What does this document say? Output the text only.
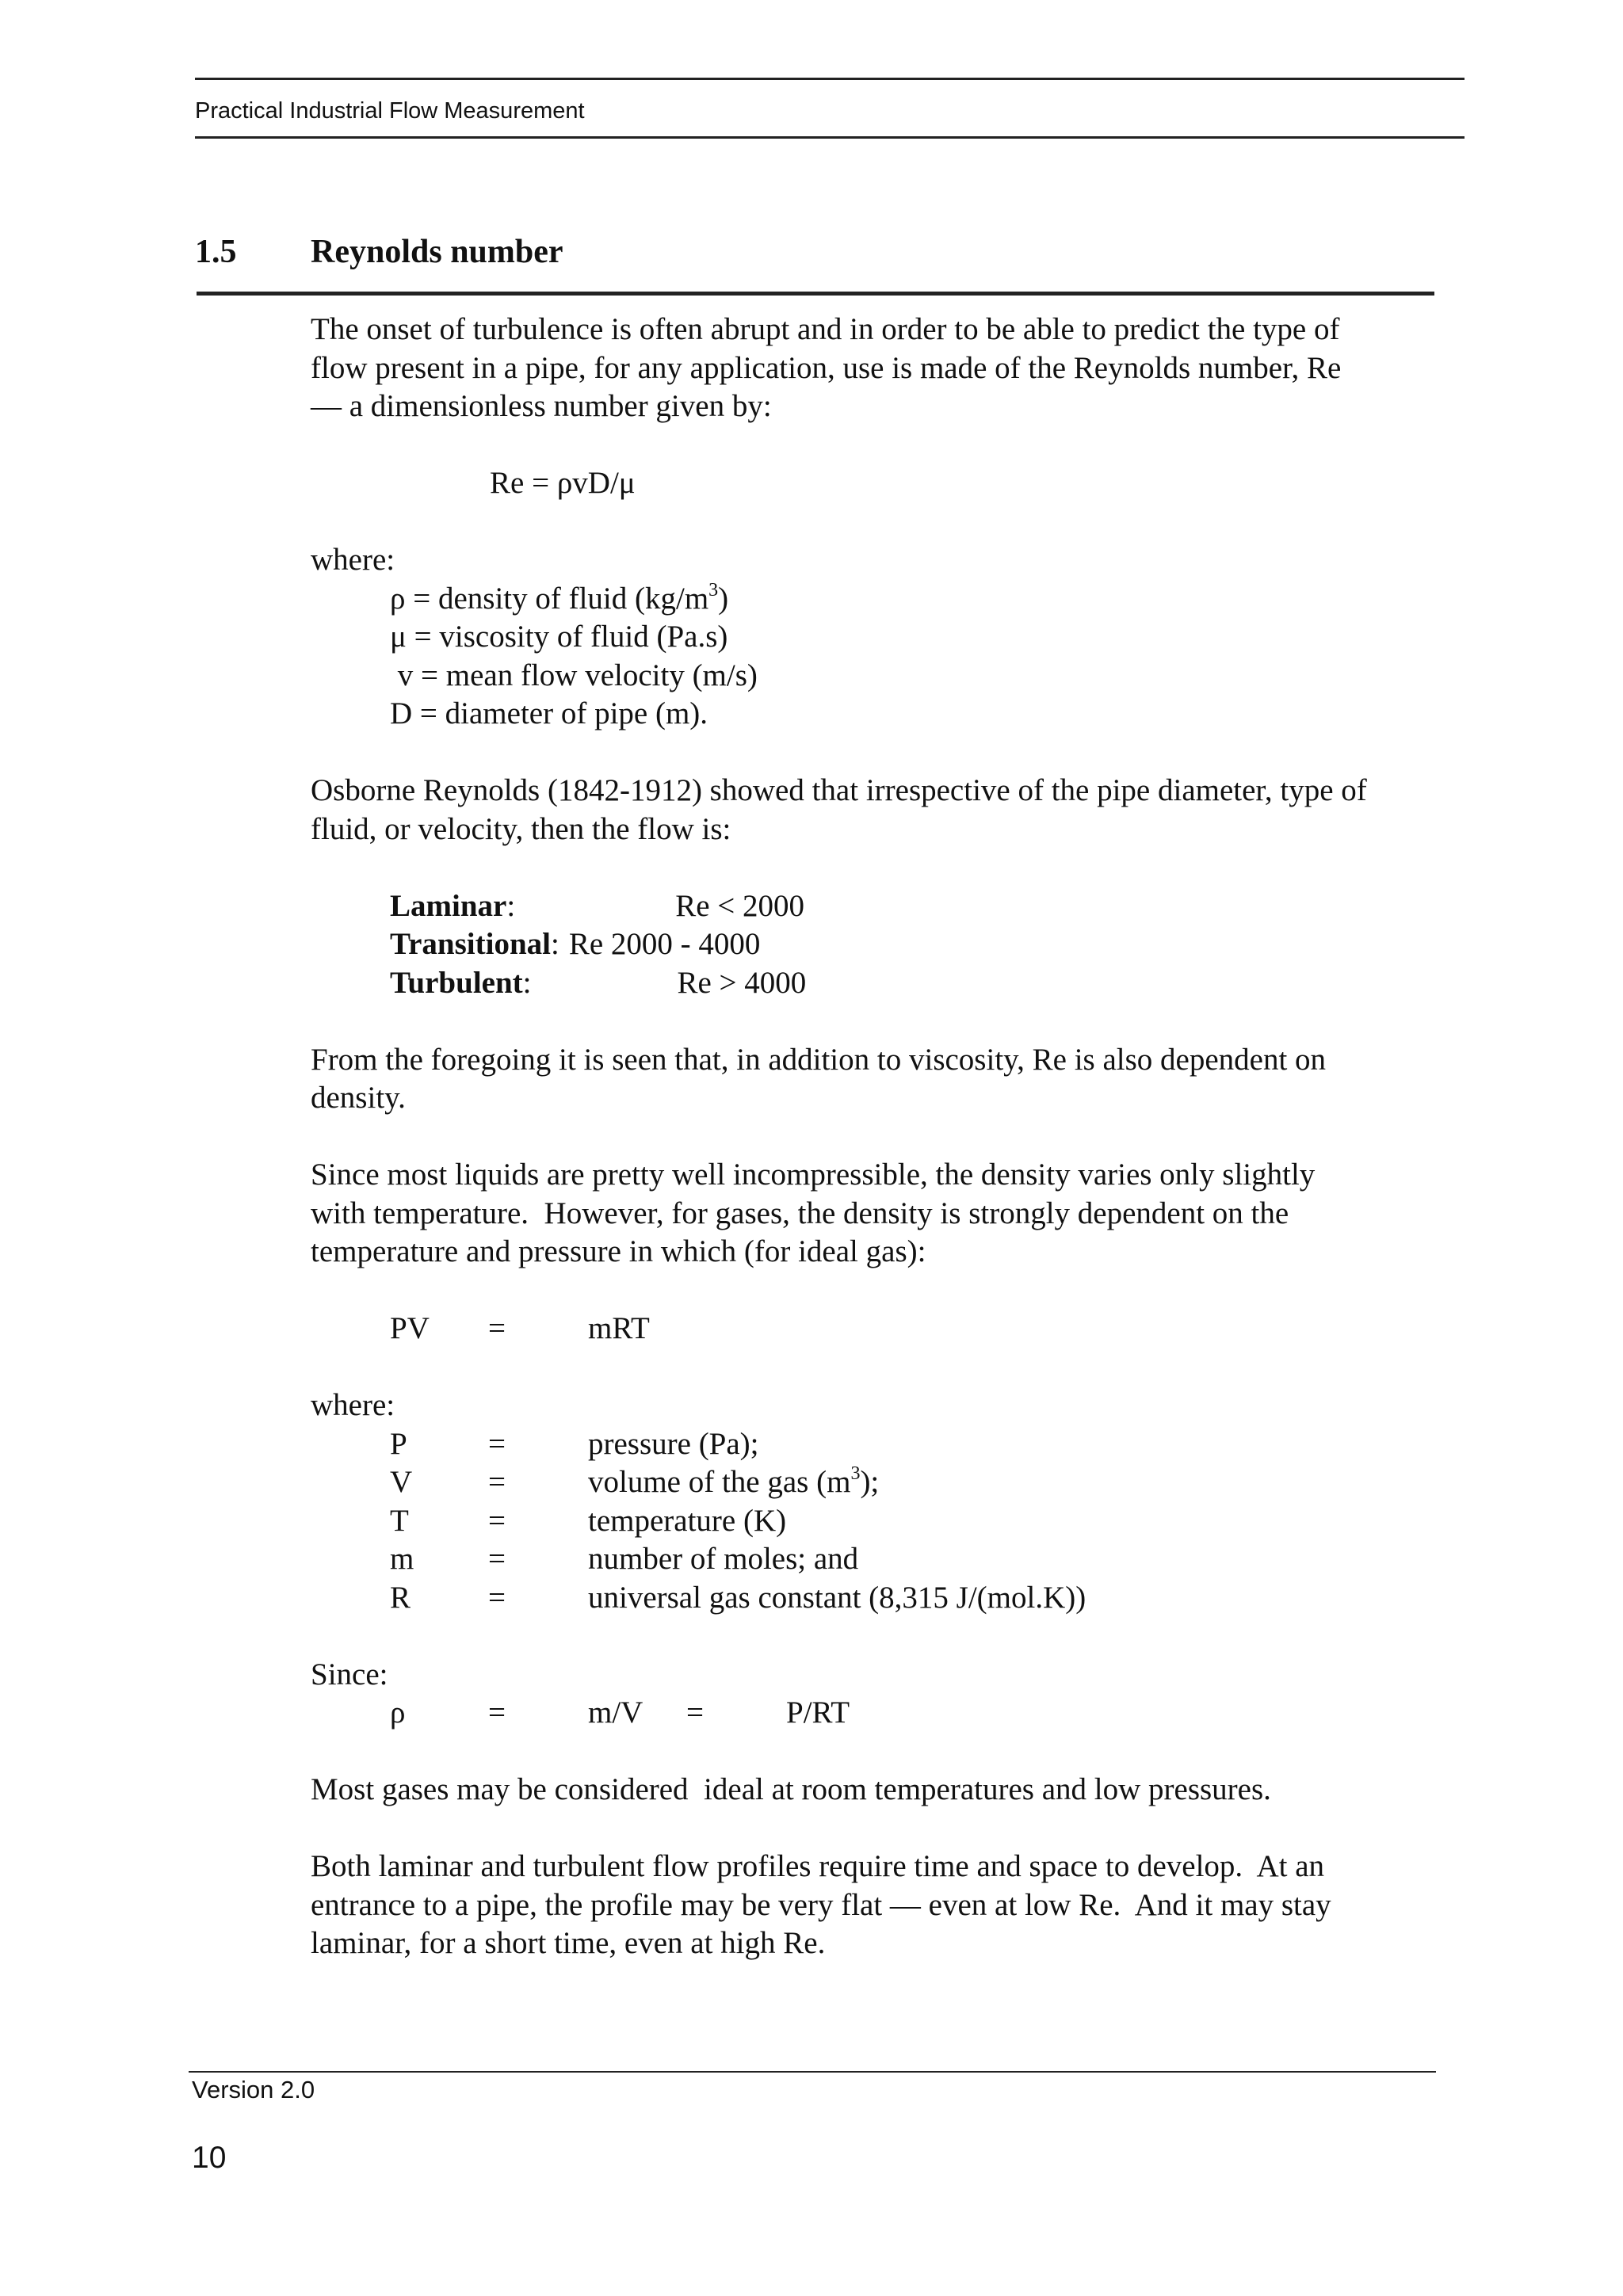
Practical Industrial Flow Measurement
1.5 Reynolds number
The onset of turbulence is often abrupt and in order to be able to predict the type of
flow present in a pipe, for any application, use is made of the Reynolds number, Re
— a dimensionless number given by:
Re = ρvD/μ
where:
ρ = density of fluid $(kg/m^3)$
μ = viscosity of fluid (Pa.s)
v = mean flow velocity (m/s)
D = diameter of pipe (m).
Osborne Reynolds (1842-1912) showed that irrespective of the pipe diameter, type of
fluid, or velocity, then the flow is:
Laminar:	Re < 2000
Transitional: Re 2000 - 4000
Turbulent:	Re > 4000
From the foregoing it is seen that, in addition to viscosity, Re is also dependent on
density.
Since most liquids are pretty well incompressible, the density varies only slightly
with temperature.  However, for gases, the density is strongly dependent on the
temperature and pressure in which (for ideal gas):
PV	=	mRT
where:
P	=	pressure (Pa);
V	=	volume of the gas $(m^3)$;
T	=	temperature (K)
m	=	number of moles; and
R	=	universal gas constant (8,315 J/(mol.K))
Since:
ρ	=	m/V	=	P/RT
Most gases may be considered  ideal at room temperatures and low pressures.
Both laminar and turbulent flow profiles require time and space to develop.  At an
entrance to a pipe, the profile may be very flat — even at low Re.  And it may stay
laminar, for a short time, even at high Re.
Version 2.0
10
